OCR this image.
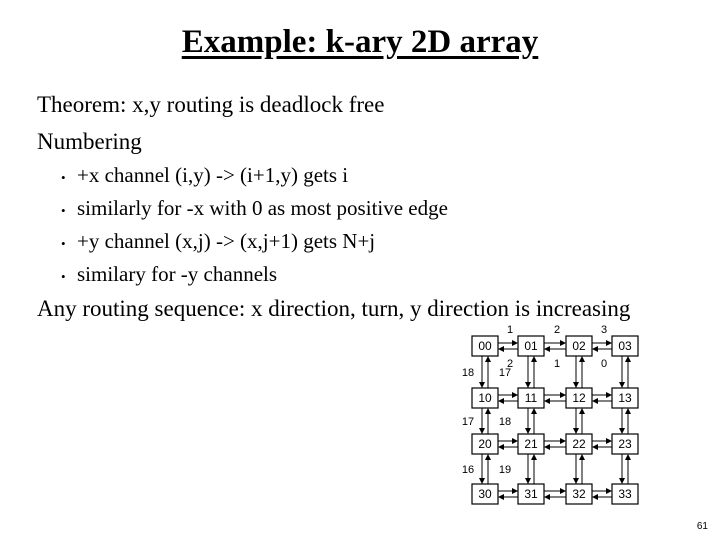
Example: k-ary 2D array
Theorem: x,y routing is deadlock free
Numbering
• +x channel (i,y) -> (i+1,y) gets i
• similarly for -x with 0 as most positive edge
• +y channel (x,j) -> (x,j+1) gets N+j
• similary for -y channels
Any routing sequence: x direction, turn, y direction is increasing
00	01	02	03
10	11	12	13
20	21	22	23
30	31	32	33
1
2
2
1
3
0
18 17
17 18
16 19
61
